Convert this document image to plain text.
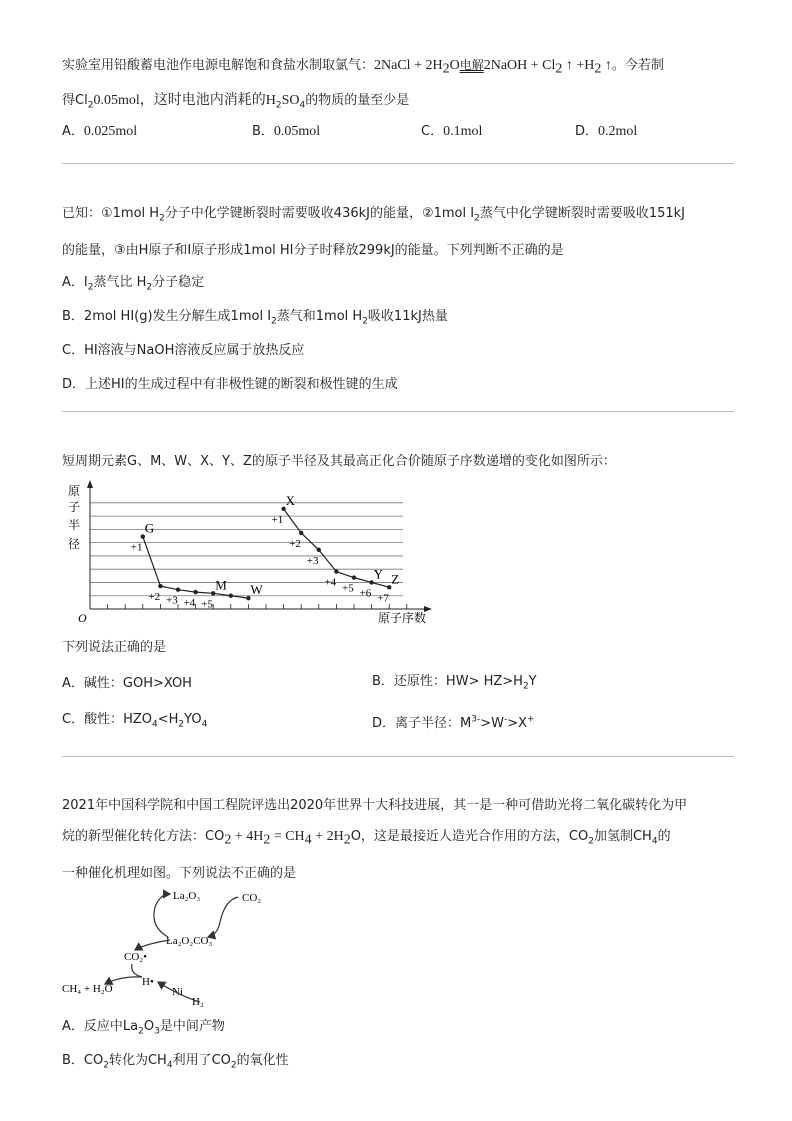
实验室用铅酸蓄电池作电源电解饱和食盐水制取氯气：2NaCl + $2H_2O$电解2NaOH + $Cl_2$ ↑ $+H_2$ ↑。今若制
得$Cl_20.05mol$，这时电池内消耗的$H_2SO_4$的物质的量至少是
A．0.025mol	B．0.05mol	C．0.1mol	D．0.2mol
已知：①1mol $H_2$分子中化学键断裂时需要吸收436kJ的能量，②1mol $I_2$蒸气中化学键断裂时需要吸收151kJ
的能量，③由H原子和I原子形成1mol HI分子时释放299kJ的能量。下列判断不正确的是
A．$I_2$蒸气比 $H_2$分子稳定
B．2mol HI(g)发生分解生成1mol $I_2$蒸气和1mol $H_2$吸收11kJ热量
C．HI溶液与NaOH溶液反应属于放热反应
D．上述HI的生成过程中有非极性键的断裂和极性键的生成
短周期元素G、M、W、X、Y、Z的原子半径及其最高正化合价随原子序数递增的变化如图所示：
原
子
半
径
O	原子序数
G
+1
+2 +3 +4
M
+5
W
X
+1
+2
+3
+4
+5
Y
+6
Z
+7
下列说法正确的是
A．碱性：GOH>XOH	B．还原性：$HW> HZ>H_2Y$
C．酸性：$HZO_4<H_2YO_4$	D．离子半径：$M^{3-}>W^->X^+$
2021年中国科学院和中国工程院评选出2020年世界十大科技进展，其一是一种可借助光将二氧化碳转化为甲
烷的新型催化转化方法：$CO_2 + 4H_2 = CH_4 + 2H_2O$，这是最接近人造光合作用的方法，$CO_2$加氢制$CH_4$的
一种催化机理如图。下列说法不正确的是
La₂O₃	CO₂
La₂O₂CO₃
CO₂•
H•
CH₄ + H₂O	Ni
H₂
A．反应中$La_2O_3$是中间产物
B．$CO_2$转化为$CH_4$利用了$CO_2$的氧化性
